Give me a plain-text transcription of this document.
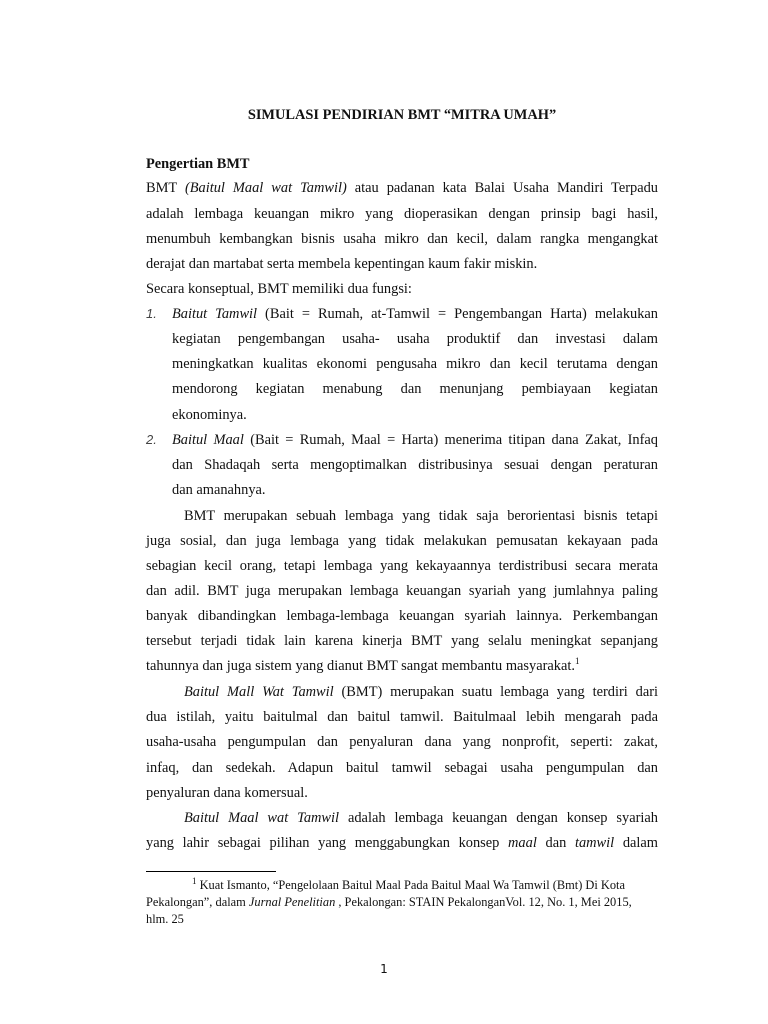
SIMULASI PENDIRIAN BMT “MITRA UMAH”
Pengertian BMT
BMT (Baitul Maal wat Tamwil) atau padanan kata Balai Usaha Mandiri Terpadu
adalah lembaga keuangan mikro yang dioperasikan dengan prinsip bagi hasil,
menumbuh kembangkan bisnis usaha mikro dan kecil, dalam rangka mengangkat
derajat dan martabat serta membela kepentingan kaum fakir miskin.
Secara konseptual, BMT memiliki dua fungsi:
1. Baitut Tamwil (Bait = Rumah, at-Tamwil = Pengembangan Harta) melakukan
kegiatan pengembangan usaha- usaha produktif dan investasi dalam
meningkatkan kualitas ekonomi pengusaha mikro dan kecil terutama dengan
mendorong kegiatan menabung dan menunjang pembiayaan kegiatan
ekonominya.
2. Baitul Maal (Bait = Rumah, Maal = Harta) menerima titipan dana Zakat, Infaq
dan Shadaqah serta mengoptimalkan distribusinya sesuai dengan peraturan
dan amanahnya.
BMT merupakan sebuah lembaga yang tidak saja berorientasi bisnis tetapi
juga sosial, dan juga lembaga yang tidak melakukan pemusatan kekayaan pada
sebagian kecil orang, tetapi lembaga yang kekayaannya terdistribusi secara merata
dan adil. BMT juga merupakan lembaga keuangan syariah yang jumlahnya paling
banyak dibandingkan lembaga-lembaga keuangan syariah lainnya. Perkembangan
tersebut terjadi tidak lain karena kinerja BMT yang selalu meningkat sepanjang
tahunnya dan juga sistem yang dianut BMT sangat membantu masyarakat.$^1$
Baitul Mall Wat Tamwil (BMT) merupakan suatu lembaga yang terdiri dari
dua istilah, yaitu baitulmal dan baitul tamwil. Baitulmaal lebih mengarah pada
usaha-usaha pengumpulan dan penyaluran dana yang nonprofit, seperti: zakat,
infaq, dan sedekah. Adapun baitul tamwil sebagai usaha pengumpulan dan
penyaluran dana komersual.
Baitul Maal wat Tamwil adalah lembaga keuangan dengan konsep syariah
yang lahir sebagai pilihan yang menggabungkan konsep maal dan tamwil dalam
$^1$ Kuat Ismanto, “Pengelolaan Baitul Maal Pada Baitul Maal Wa Tamwil (Bmt) Di Kota
Pekalongan”, dalam Jurnal Penelitian , Pekalongan: STAIN PekalonganVol. 12, No. 1, Mei 2015,
hlm. 25
1
